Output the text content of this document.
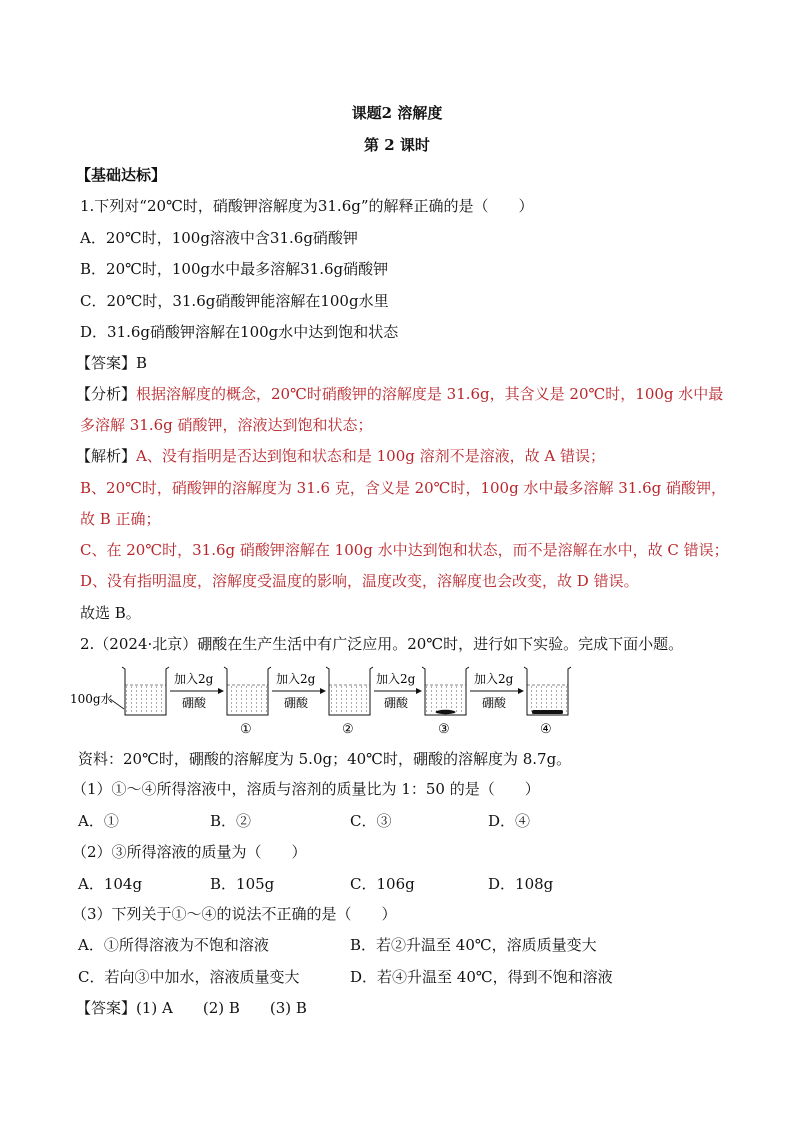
课题2 溶解度
第 2 课时
【基础达标】
1.下列对“20℃时，硝酸钾溶解度为31.6g”的解释正确的是（　　）
A．20℃时，100g溶液中含31.6g硝酸钾
B．20℃时，100g水中最多溶解31.6g硝酸钾
C．20℃时，31.6g硝酸钾能溶解在100g水里
D．31.6g硝酸钾溶解在100g水中达到饱和状态
【答案】B
【分析】根据溶解度的概念，20℃时硝酸钾的溶解度是 31.6g，其含义是 20℃时，100g 水中最
多溶解 31.6g 硝酸钾，溶液达到饱和状态；
【解析】A、没有指明是否达到饱和状态和是 100g 溶剂不是溶液，故 A 错误；
B、20℃时，硝酸钾的溶解度为 31.6 克，含义是 20℃时，100g 水中最多溶解 31.6g 硝酸钾，
故 B 正确；
C、在 20℃时，31.6g 硝酸钾溶解在 100g 水中达到饱和状态，而不是溶解在水中，故 C 错误；
D、没有指明温度，溶解度受温度的影响，温度改变，溶解度也会改变，故 D 错误。
故选 B。
2.（2024·北京）硼酸在生产生活中有广泛应用。20℃时，进行如下实验。完成下面小题。
100g水
加入2g
硼酸
①
加入2g
硼酸
②
加入2g
硼酸
③
加入2g
硼酸
④
资料：20℃时，硼酸的溶解度为 5.0g；40℃时，硼酸的溶解度为 8.7g。
（1）①～④所得溶液中，溶质与溶剂的质量比为 1：50 的是（　　）
A．①	B．②	C．③	D．④
（2）③所得溶液的质量为（　　）
A．104g	B．105g	C．106g	D．108g
（3）下列关于①～④的说法不正确的是（　　）
A．①所得溶液为不饱和溶液	B．若②升温至 40℃，溶质质量变大
C．若向③中加水，溶液质量变大	D．若④升温至 40℃，得到不饱和溶液
【答案】(1) A　　(2) B　　(3) B
